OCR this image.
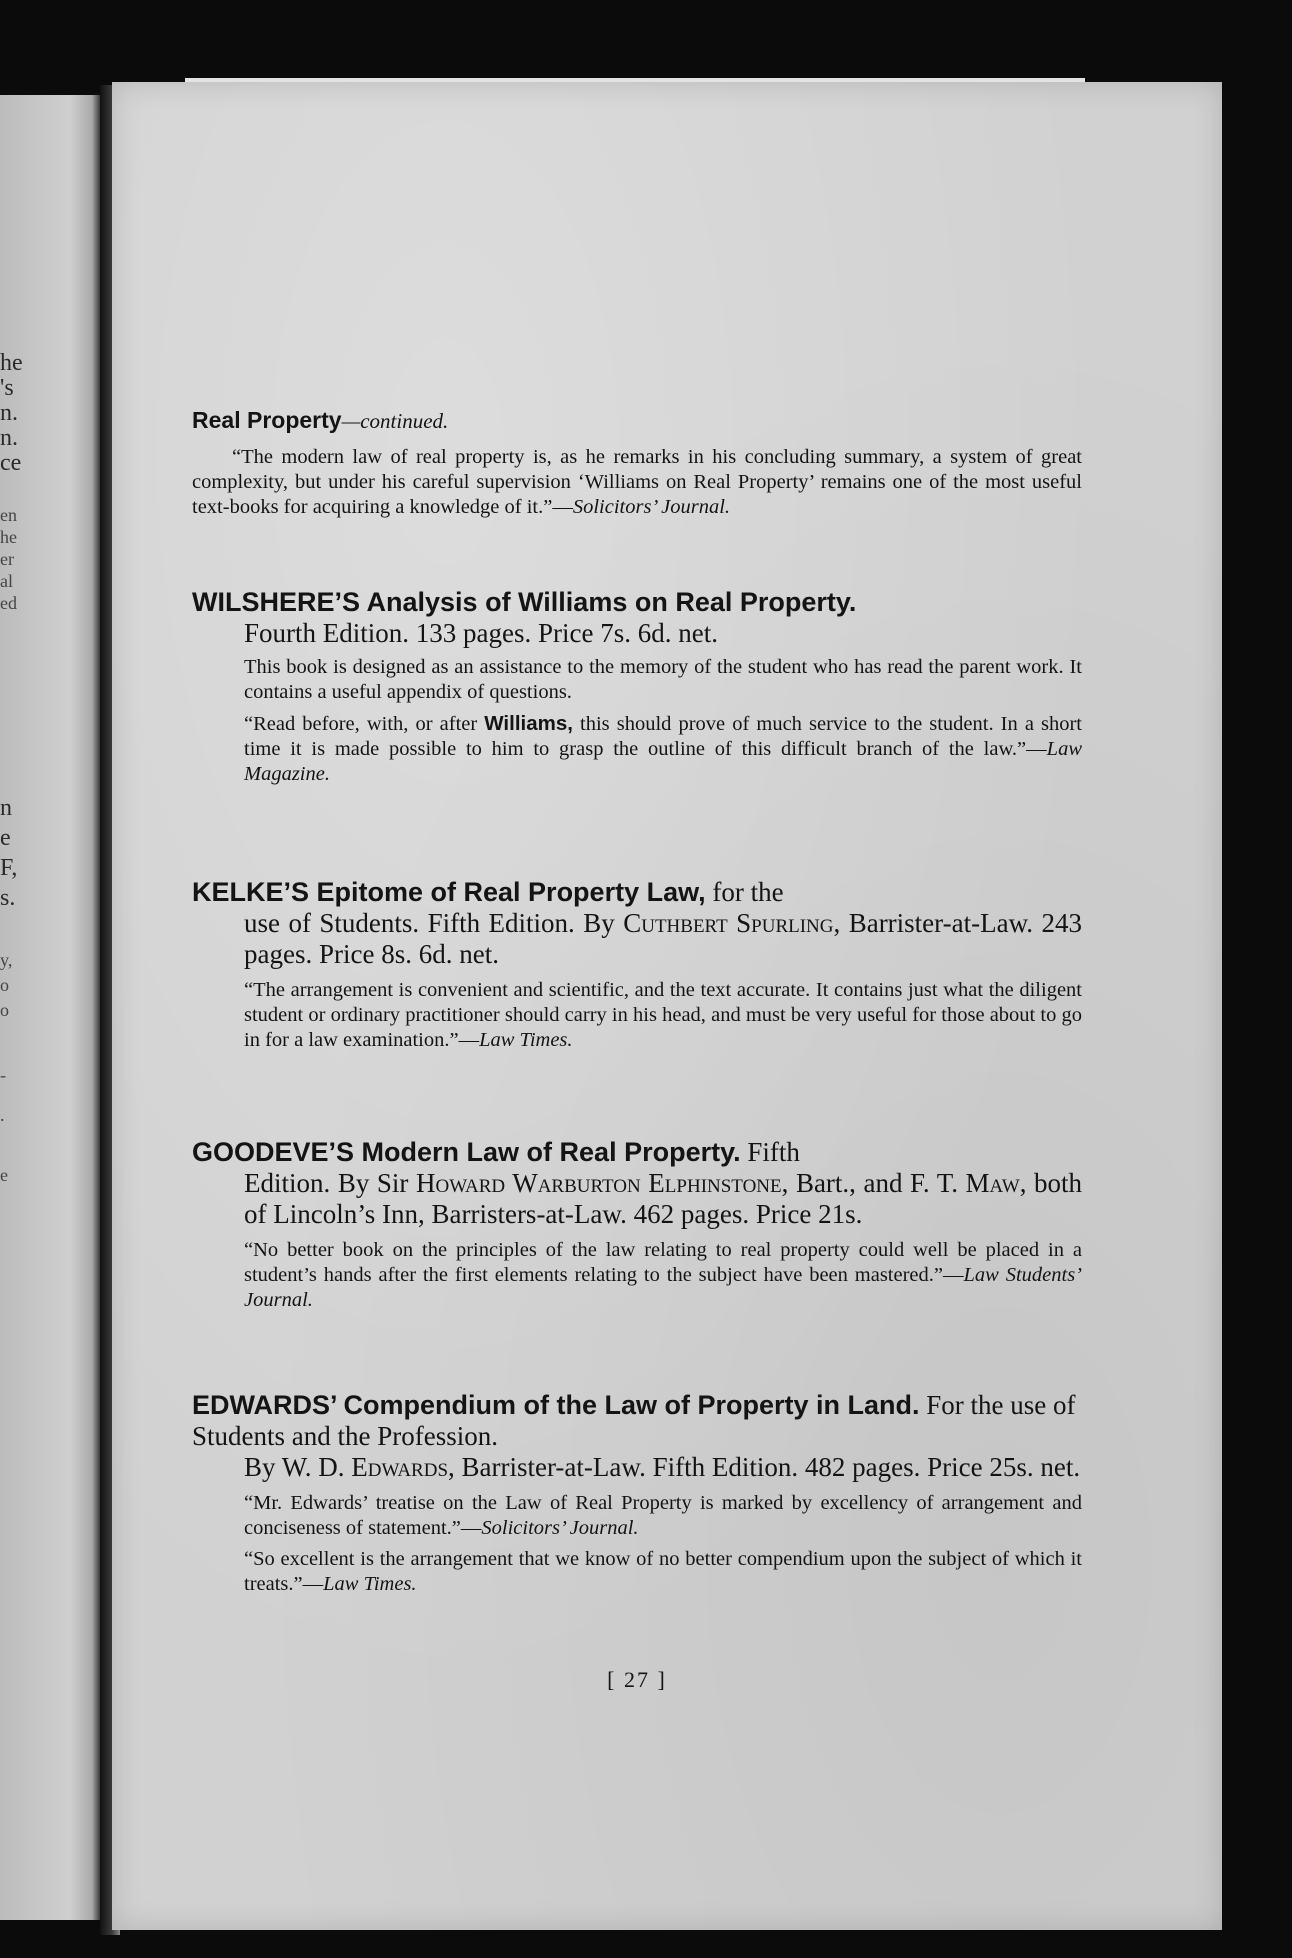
he
's
n.
n.
ce
en
he
er
al
ed
n
e
F,
s.
y,
o
o
-
.
e
Real Property—continued.

“The modern law of real property is, as he remarks in his concluding summary, a system of great complexity, but under his careful supervision ‘Williams on Real Property’ remains one of the most useful text-books for acquiring a knowledge of it.”—Solicitors’ Journal.

WILSHERE’S Analysis of Williams on Real Property.

Fourth Edition. 133 pages. Price 7s. 6d. net.

This book is designed as an assistance to the memory of the student who has read the parent work. It contains a useful appendix of questions.

“Read before, with, or after Williams, this should prove of much service to the student. In a short time it is made possible to him to grasp the outline of this difficult branch of the law.”—Law Magazine.

KELKE’S Epitome of Real Property Law, for the

use of Students. Fifth Edition. By Cuthbert Spurling, Barrister-at-Law. 243 pages. Price 8s. 6d. net.

“The arrangement is convenient and scientific, and the text accurate. It contains just what the diligent student or ordinary practitioner should carry in his head, and must be very useful for those about to go in for a law examination.”—Law Times.

GOODEVE’S Modern Law of Real Property. Fifth

Edition. By Sir Howard Warburton Elphinstone, Bart., and F. T. Maw, both of Lincoln’s Inn, Barristers-at-Law. 462 pages. Price 21s.

“No better book on the principles of the law relating to real property could well be placed in a student’s hands after the first elements relating to the subject have been mastered.”—Law Students’ Journal.

EDWARDS’ Compendium of the Law of Property in Land. For the use of Students and the Profession.

By W. D. Edwards, Barrister-at-Law. Fifth Edition. 482 pages. Price 25s. net.

“Mr. Edwards’ treatise on the Law of Real Property is marked by excellency of arrangement and conciseness of statement.”—Solicitors’ Journal.

“So excellent is the arrangement that we know of no better compendium upon the subject of which it treats.”—Law Times.

[ 27 ]
